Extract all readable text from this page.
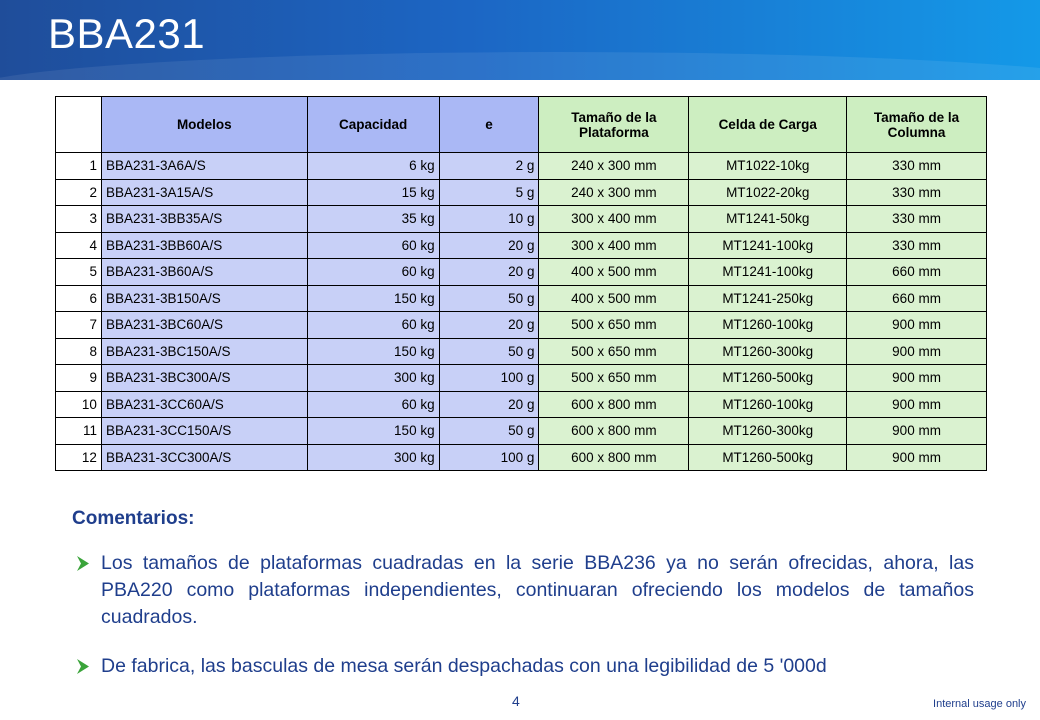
BBA231
	Modelos	Capacidad	e	Tamaño de la Plataforma	Celda de Carga	Tamaño de la Columna
1	BBA231-3A6A/S	6 kg	2 g	240 x 300 mm	MT1022-10kg	330 mm
2	BBA231-3A15A/S	15 kg	5 g	240 x 300 mm	MT1022-20kg	330 mm
3	BBA231-3BB35A/S	35 kg	10 g	300 x 400 mm	MT1241-50kg	330 mm
4	BBA231-3BB60A/S	60 kg	20 g	300 x 400 mm	MT1241-100kg	330 mm
5	BBA231-3B60A/S	60 kg	20 g	400 x 500 mm	MT1241-100kg	660 mm
6	BBA231-3B150A/S	150 kg	50 g	400 x 500 mm	MT1241-250kg	660 mm
7	BBA231-3BC60A/S	60 kg	20 g	500 x 650 mm	MT1260-100kg	900 mm
8	BBA231-3BC150A/S	150 kg	50 g	500 x 650 mm	MT1260-300kg	900 mm
9	BBA231-3BC300A/S	300 kg	100 g	500 x 650 mm	MT1260-500kg	900 mm
10	BBA231-3CC60A/S	60 kg	20 g	600 x 800 mm	MT1260-100kg	900 mm
11	BBA231-3CC150A/S	150 kg	50 g	600 x 800 mm	MT1260-300kg	900 mm
12	BBA231-3CC300A/S	300 kg	100 g	600 x 800 mm	MT1260-500kg	900 mm
Comentarios:
Los tamaños de plataformas cuadradas en la serie BBA236 ya no serán ofrecidas, ahora, las PBA220 como plataformas independientes, continuaran ofreciendo los modelos de tamaños cuadrados.
De fabrica, las basculas de mesa serán despachadas con una legibilidad de 5 '000d
4	Internal usage only
